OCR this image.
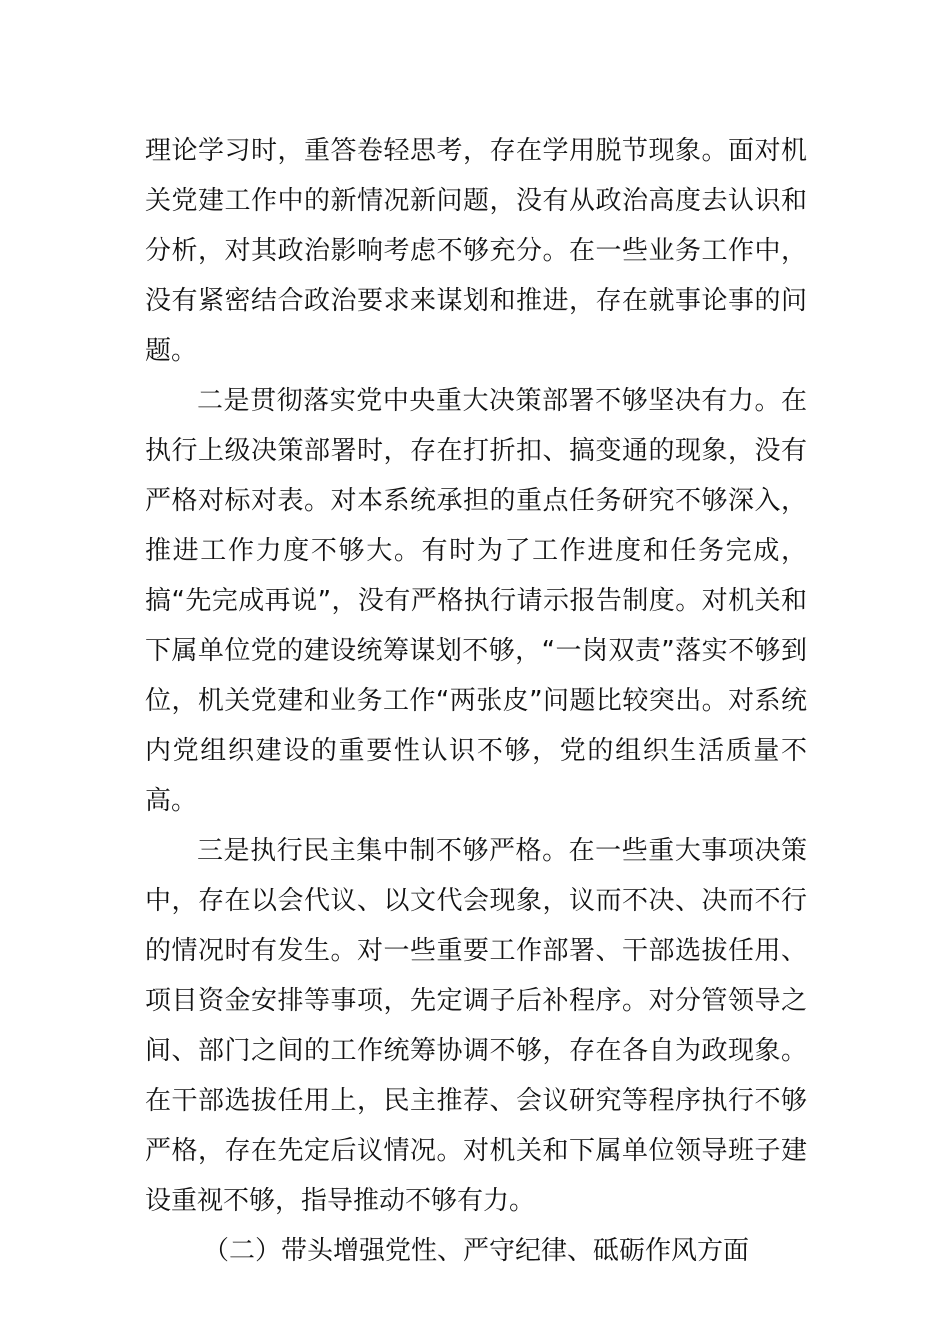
理论学习时，重答卷轻思考，存在学用脱节现象。面对机关党建工作中的新情况新问题，没有从政治高度去认识和分析，对其政治影响考虑不够充分。在一些业务工作中，没有紧密结合政治要求来谋划和推进，存在就事论事的问题。

二是贯彻落实党中央重大决策部署不够坚决有力。在执行上级决策部署时，存在打折扣、搞变通的现象，没有严格对标对表。对本系统承担的重点任务研究不够深入，推进工作力度不够大。有时为了工作进度和任务完成，搞“先完成再说”，没有严格执行请示报告制度。对机关和下属单位党的建设统筹谋划不够，“一岗双责”落实不够到位，机关党建和业务工作“两张皮”问题比较突出。对系统内党组织建设的重要性认识不够，党的组织生活质量不高。

三是执行民主集中制不够严格。在一些重大事项决策中，存在以会代议、以文代会现象，议而不决、决而不行的情况时有发生。对一些重要工作部署、干部选拔任用、项目资金安排等事项，先定调子后补程序。对分管领导之间、部门之间的工作统筹协调不够，存在各自为政现象。在干部选拔任用上，民主推荐、会议研究等程序执行不够严格，存在先定后议情况。对机关和下属单位领导班子建设重视不够，指导推动不够有力。

（二）带头增强党性、严守纪律、砥砺作风方面
